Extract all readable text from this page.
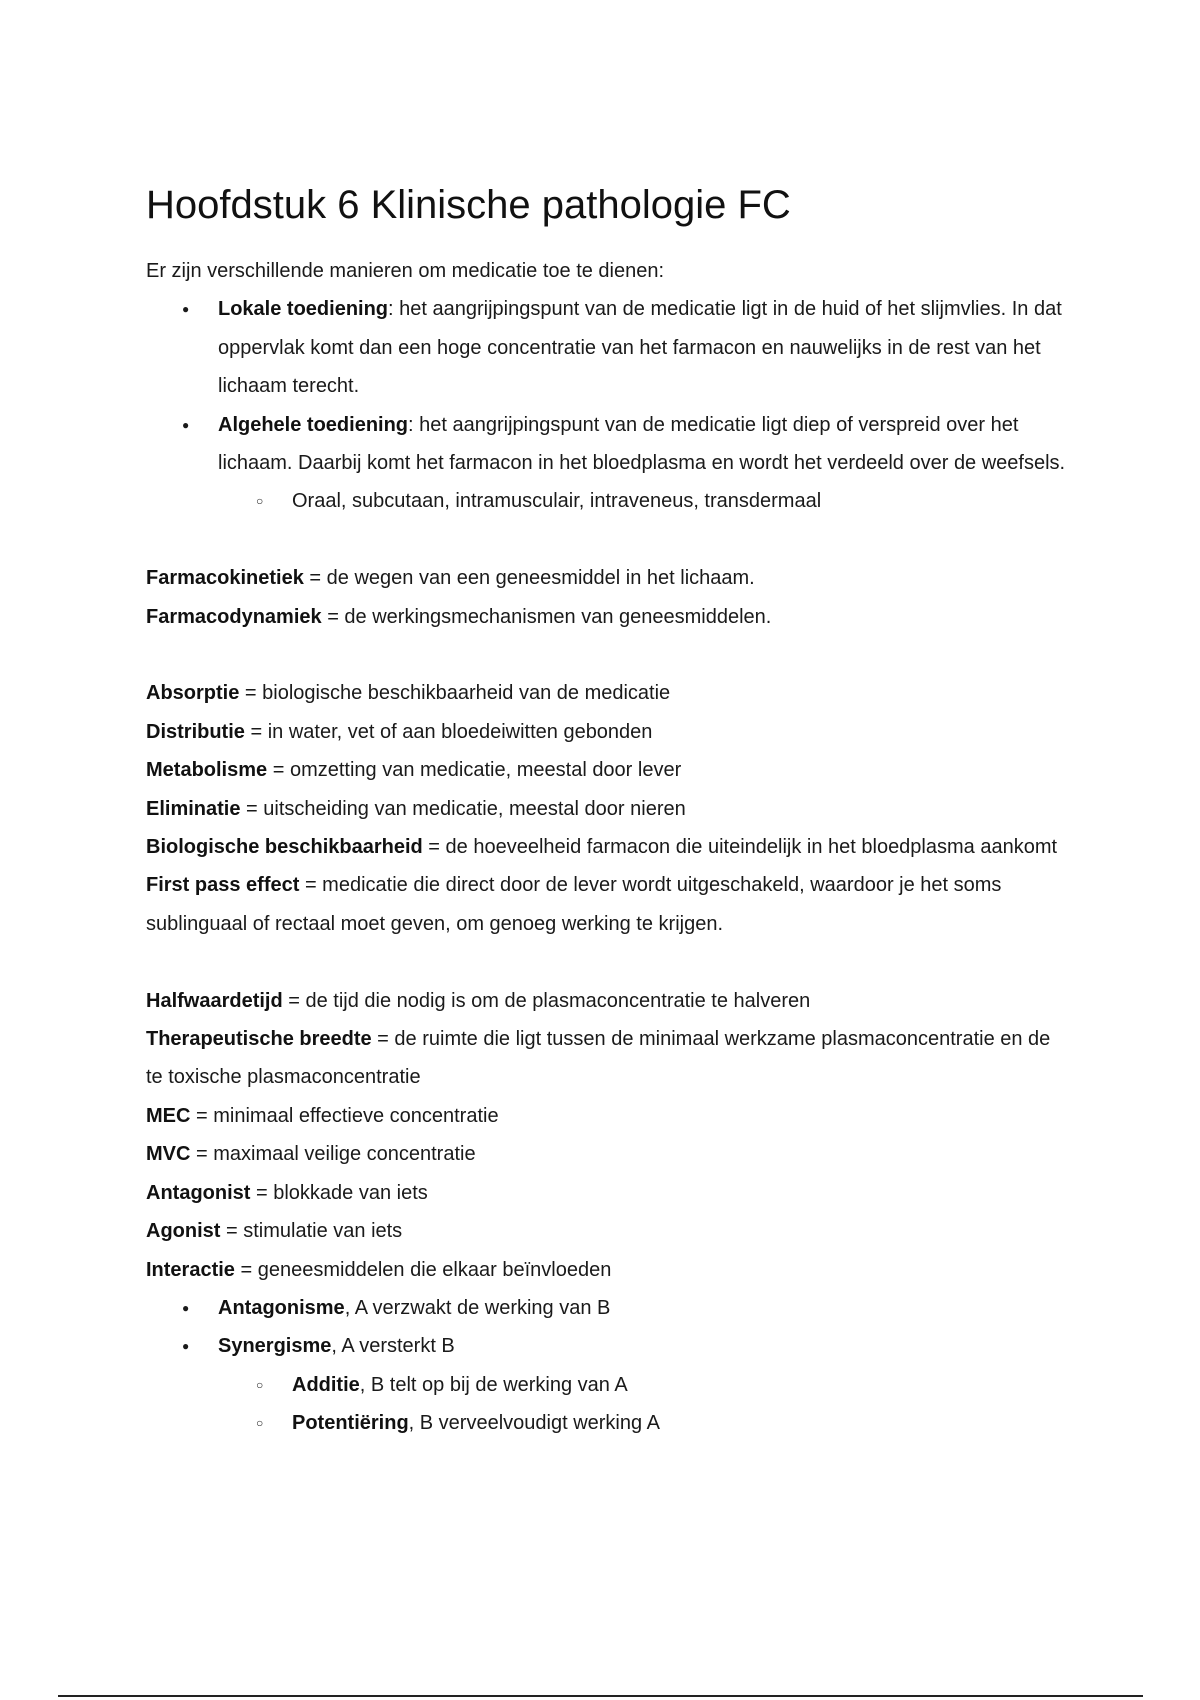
Hoofdstuk 6 Klinische pathologie FC

Er zijn verschillende manieren om medicatie toe te dienen:

● Lokale toediening: het aangrijpingspunt van de medicatie ligt in de huid of het slijmvlies. In dat oppervlak komt dan een hoge concentratie van het farmacon en nauwelijks in de rest van het lichaam terecht.
● Algehele toediening: het aangrijpingspunt van de medicatie ligt diep of verspreid over het lichaam. Daarbij komt het farmacon in het bloedplasma en wordt het verdeeld over de weefsels.
○ Oraal, subcutaan, intramusculair, intraveneus, transdermaal

Farmacokinetiek = de wegen van een geneesmiddel in het lichaam.

Farmacodynamiek = de werkingsmechanismen van geneesmiddelen.

Absorptie = biologische beschikbaarheid van de medicatie

Distributie = in water, vet of aan bloedeiwitten gebonden

Metabolisme = omzetting van medicatie, meestal door lever

Eliminatie = uitscheiding van medicatie, meestal door nieren

Biologische beschikbaarheid = de hoeveelheid farmacon die uiteindelijk in het bloedplasma aankomt

First pass effect = medicatie die direct door de lever wordt uitgeschakeld, waardoor je het soms sublinguaal of rectaal moet geven, om genoeg werking te krijgen.

Halfwaardetijd = de tijd die nodig is om de plasmaconcentratie te halveren

Therapeutische breedte = de ruimte die ligt tussen de minimaal werkzame plasmaconcentratie en de te toxische plasmaconcentratie

MEC = minimaal effectieve concentratie

MVC = maximaal veilige concentratie

Antagonist = blokkade van iets

Agonist = stimulatie van iets

Interactie = geneesmiddelen die elkaar beïnvloeden

● Antagonisme, A verzwakt de werking van B
● Synergisme, A versterkt B
○ Additie, B telt op bij de werking van A
○ Potentiëring, B verveelvoudigt werking A
